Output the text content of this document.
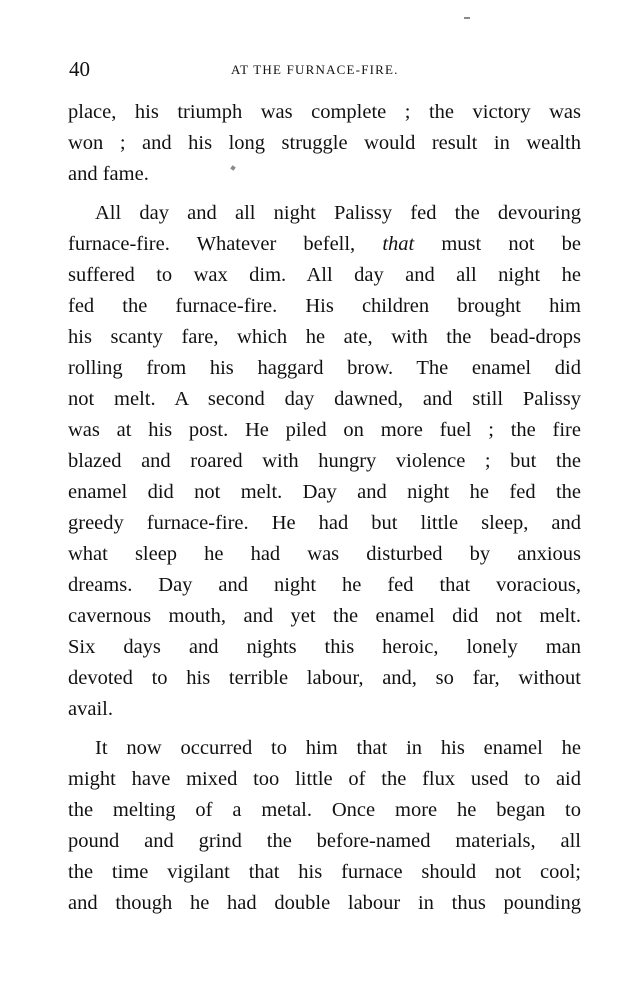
40	AT THE FURNACE-FIRE.
place, his triumph was complete ; the victory was
won ; and his long struggle would result in wealth
and fame.
All day and all night Palissy fed the devouring
furnace-fire. Whatever befell, that must not be
suffered to wax dim. All day and all night he
fed the furnace-fire. His children brought him
his scanty fare, which he ate, with the bead-drops
rolling from his haggard brow. The enamel did
not melt. A second day dawned, and still Palissy
was at his post. He piled on more fuel ; the fire
blazed and roared with hungry violence ; but the
enamel did not melt. Day and night he fed the
greedy furnace-fire. He had but little sleep, and
what sleep he had was disturbed by anxious
dreams. Day and night he fed that voracious,
cavernous mouth, and yet the enamel did not melt.
Six days and nights this heroic, lonely man
devoted to his terrible labour, and, so far, without
avail.
It now occurred to him that in his enamel he
might have mixed too little of the flux used to aid
the melting of a metal. Once more he began to
pound and grind the before-named materials, all
the time vigilant that his furnace should not cool;
and though he had double labour in thus pounding
